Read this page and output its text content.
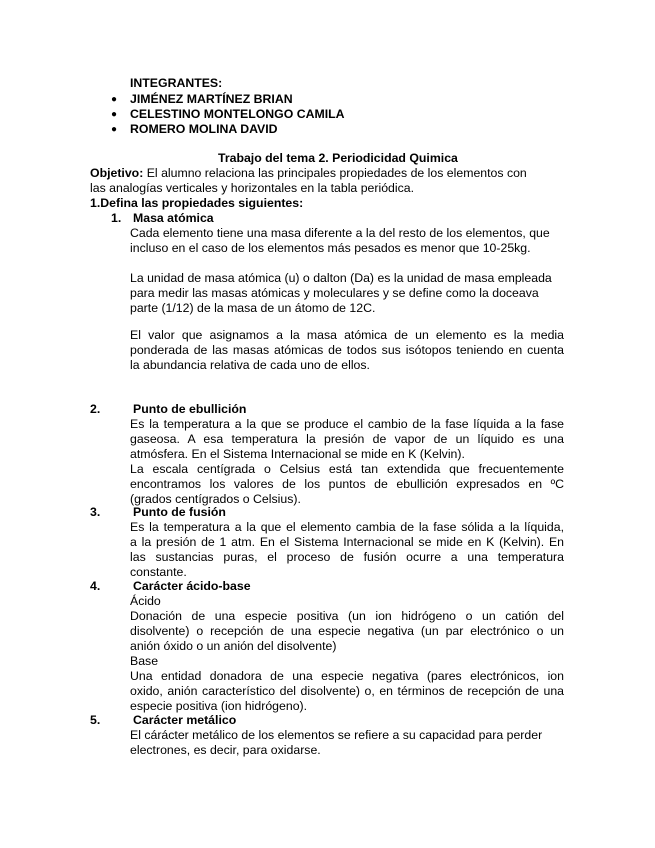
INTEGRANTES:
● JIMÉNEZ MARTÍNEZ BRIAN
● CELESTINO MONTELONGO CAMILA
● ROMERO MOLINA DAVID
Trabajo del tema 2. Periodicidad Quimica
Objetivo: El alumno relaciona las principales propiedades de los elementos con
las analogías verticales y horizontales en la tabla periódica.
1.Defina las propiedades siguientes:
1. Masa atómica
Cada elemento tiene una masa diferente a la del resto de los elementos, que
incluso en el caso de los elementos más pesados es menor que 10-25kg.
La unidad de masa atómica (u) o dalton (Da) es la unidad de masa empleada
para medir las masas atómicas y moleculares y se define como la doceava
parte (1/12) de la masa de un átomo de 12C.
El valor que asignamos a la masa atómica de un elemento es la media
ponderada de las masas atómicas de todos sus isótopos teniendo en cuenta
la abundancia relativa de cada uno de ellos.
2.	Punto de ebullición
Es la temperatura a la que se produce el cambio de la fase líquida a la fase
gaseosa. A esa temperatura la presión de vapor de un líquido es una
atmósfera. En el Sistema Internacional se mide en K (Kelvin).
La escala centígrada o Celsius está tan extendida que frecuentemente
encontramos los valores de los puntos de ebullición expresados en ºC
(grados centígrados o Celsius).
3.	Punto de fusión
Es la temperatura a la que el elemento cambia de la fase sólida a la líquida,
a la presión de 1 atm. En el Sistema Internacional se mide en K (Kelvin). En
las sustancias puras, el proceso de fusión ocurre a una temperatura
constante.
4.	Carácter ácido-base
Ácido
Donación de una especie positiva (un ion hidrógeno o un catión del
disolvente) o recepción de una especie negativa (un par electrónico o un
anión óxido o un anión del disolvente)
Base
Una entidad donadora de una especie negativa (pares electrónicos, ion
oxido, anión característico del disolvente) o, en términos de recepción de una
especie positiva (ion hidrógeno).
5.	Carácter metálico
El cárácter metálico de los elementos se refiere a su capacidad para perder
electrones, es decir, para oxidarse.
